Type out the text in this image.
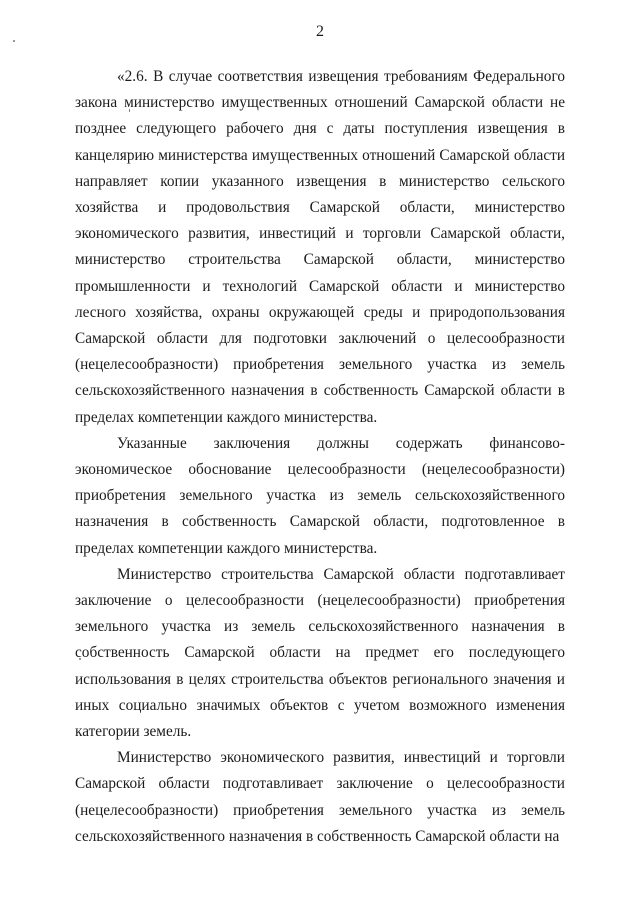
2

«2.6. В случае соответствия извещения требованиям Федерального закона министерство имущественных отношений Самарской области не позднее следующего рабочего дня с даты поступления извещения в канцелярию министерства имущественных отношений Самарской области направляет копии указанного извещения в министерство сельского хозяйства и продовольствия Самарской области, министерство экономического развития, инвестиций и торговли Самарской области, министерство строительства Самарской области, министерство промышленности и технологий Самарской области и министерство лесного хозяйства, охраны окружающей среды и природопользования Самарской области для подготовки заключений о целесообразности (нецелесообразности) приобретения земельного участка из земель сельскохозяйственного назначения в собственность Самарской области в пределах компетенции каждого министерства.

Указанные заключения должны содержать финансово-экономическое обоснование целесообразности (нецелесообразности) приобретения земельного участка из земель сельскохозяйственного назначения в собственность Самарской области, подготовленное в пределах компетенции каждого министерства.

Министерство строительства Самарской области подготавливает заключение о целесообразности (нецелесообразности) приобретения земельного участка из земель сельскохозяйственного назначения в собственность Самарской области на предмет его последующего использования в целях строительства объектов регионального значения и иных социально значимых объектов с учетом возможного изменения категории земель.

Министерство экономического развития, инвестиций и торговли Самарской области подготавливает заключение о целесообразности (нецелесообразности) приобретения земельного участка из земель сельскохозяйственного назначения в собственность Самарской области на
